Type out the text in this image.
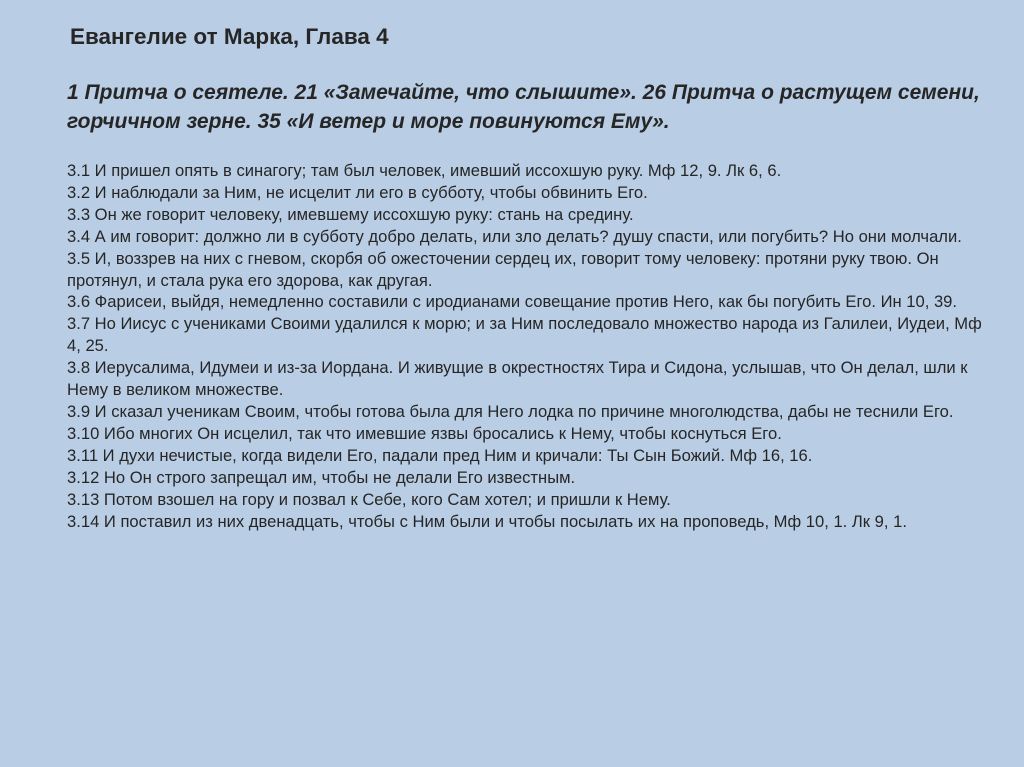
Евангелие от Марка, Глава 4
1 Притча о сеятеле. 21 «Замечайте, что слышите». 26 Притча о растущем семени, горчичном зерне. 35 «И ветер и море повинуются Ему».
3.1 И пришел опять в синагогу; там был человек, имевший иссохшую руку. Мф 12, 9. Лк 6, 6.
3.2 И наблюдали за Ним, не исцелит ли его в субботу, чтобы обвинить Его.
3.3 Он же говорит человеку, имевшему иссохшую руку: стань на средину.
3.4 А им говорит: должно ли в субботу добро делать, или зло делать? душу спасти, или погубить? Но они молчали.
3.5 И, воззрев на них с гневом, скорбя об ожесточении сердец их, говорит тому человеку: протяни руку твою. Он протянул, и стала рука его здорова, как другая.
3.6 Фарисеи, выйдя, немедленно составили с иродианами совещание против Него, как бы погубить Его. Ин 10, 39.
3.7 Но Иисус с учениками Своими удалился к морю; и за Ним последовало множество народа из Галилеи, Иудеи, Мф 4, 25.
3.8 Иерусалима, Идумеи и из-за Иордана. И живущие в окрестностях Тира и Сидона, услышав, что Он делал, шли к Нему в великом множестве.
3.9 И сказал ученикам Своим, чтобы готова была для Него лодка по причине многолюдства, дабы не теснили Его.
3.10 Ибо многих Он исцелил, так что имевшие язвы бросались к Нему, чтобы коснуться Его.
3.11 И духи нечистые, когда видели Его, падали пред Ним и кричали: Ты Сын Божий. Мф 16, 16.
3.12 Но Он строго запрещал им, чтобы не делали Его известным.
3.13 Потом взошел на гору и позвал к Себе, кого Сам хотел; и пришли к Нему.
3.14 И поставил из них двенадцать, чтобы с Ним были и чтобы посылать их на проповедь, Мф 10, 1. Лк 9, 1.
